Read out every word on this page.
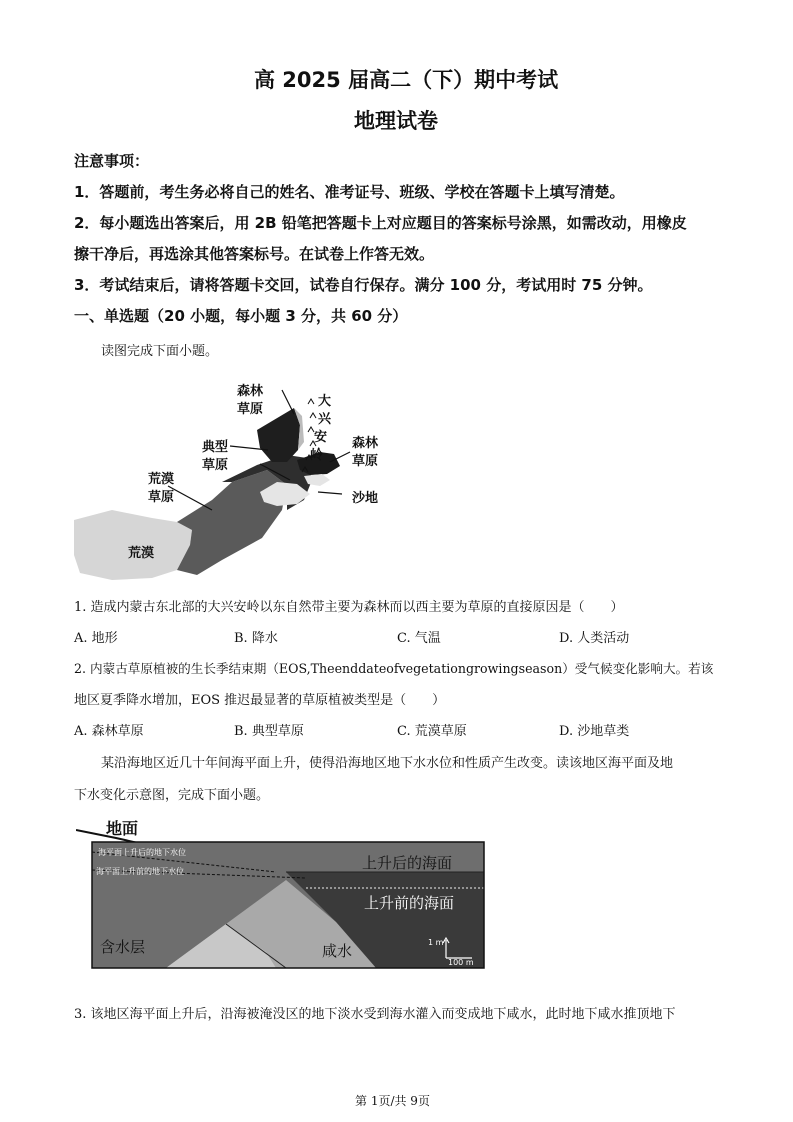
高 2025 届高二（下）期中考试
地理试卷
注意事项：
1．答题前，考生务必将自己的姓名、准考证号、班级、学校在答题卡上填写清楚。
2．每小题选出答案后，用 2B 铅笔把答题卡上对应题目的答案标号涂黑，如需改动，用橡皮
擦干净后，再选涂其他答案标号。在试卷上作答无效。
3．考试结束后，请将答题卡交回，试卷自行保存。满分 100 分，考试用时 75 分钟。
一、单选题（20 小题，每小题 3 分，共 60 分）
读图完成下面小题。
森林
草原
典型
草原
荒漠
草原
荒漠
森林
草原
沙地
大
兴
安
岭
1. 造成内蒙古东北部的大兴安岭以东自然带主要为森林而以西主要为草原的直接原因是（　　）
A. 地形	B. 降水	C. 气温	D. 人类活动
2. 内蒙古草原植被的生长季结束期（EOS,Theenddateofvegetationgrowingseason）受气候变化影响大。若该
地区夏季降水增加，EOS 推迟最显著的草原植被类型是（　　）
A. 森林草原	B. 典型草原	C. 荒漠草原	D. 沙地草类
某沿海地区近几十年间海平面上升，使得沿海地区地下水水位和性质产生改变。读该地区海平面及地
下水变化示意图，完成下面小题。
地面
海平面上升后的地下水位
海平面上升前的地下水位	上升后的海面
上升前的海面
含水层	咸水	1 m
100 m
3. 该地区海平面上升后，沿海被淹没区的地下淡水受到海水灌入而变成地下咸水，此时地下咸水推顶地下
第 1页/共 9页
